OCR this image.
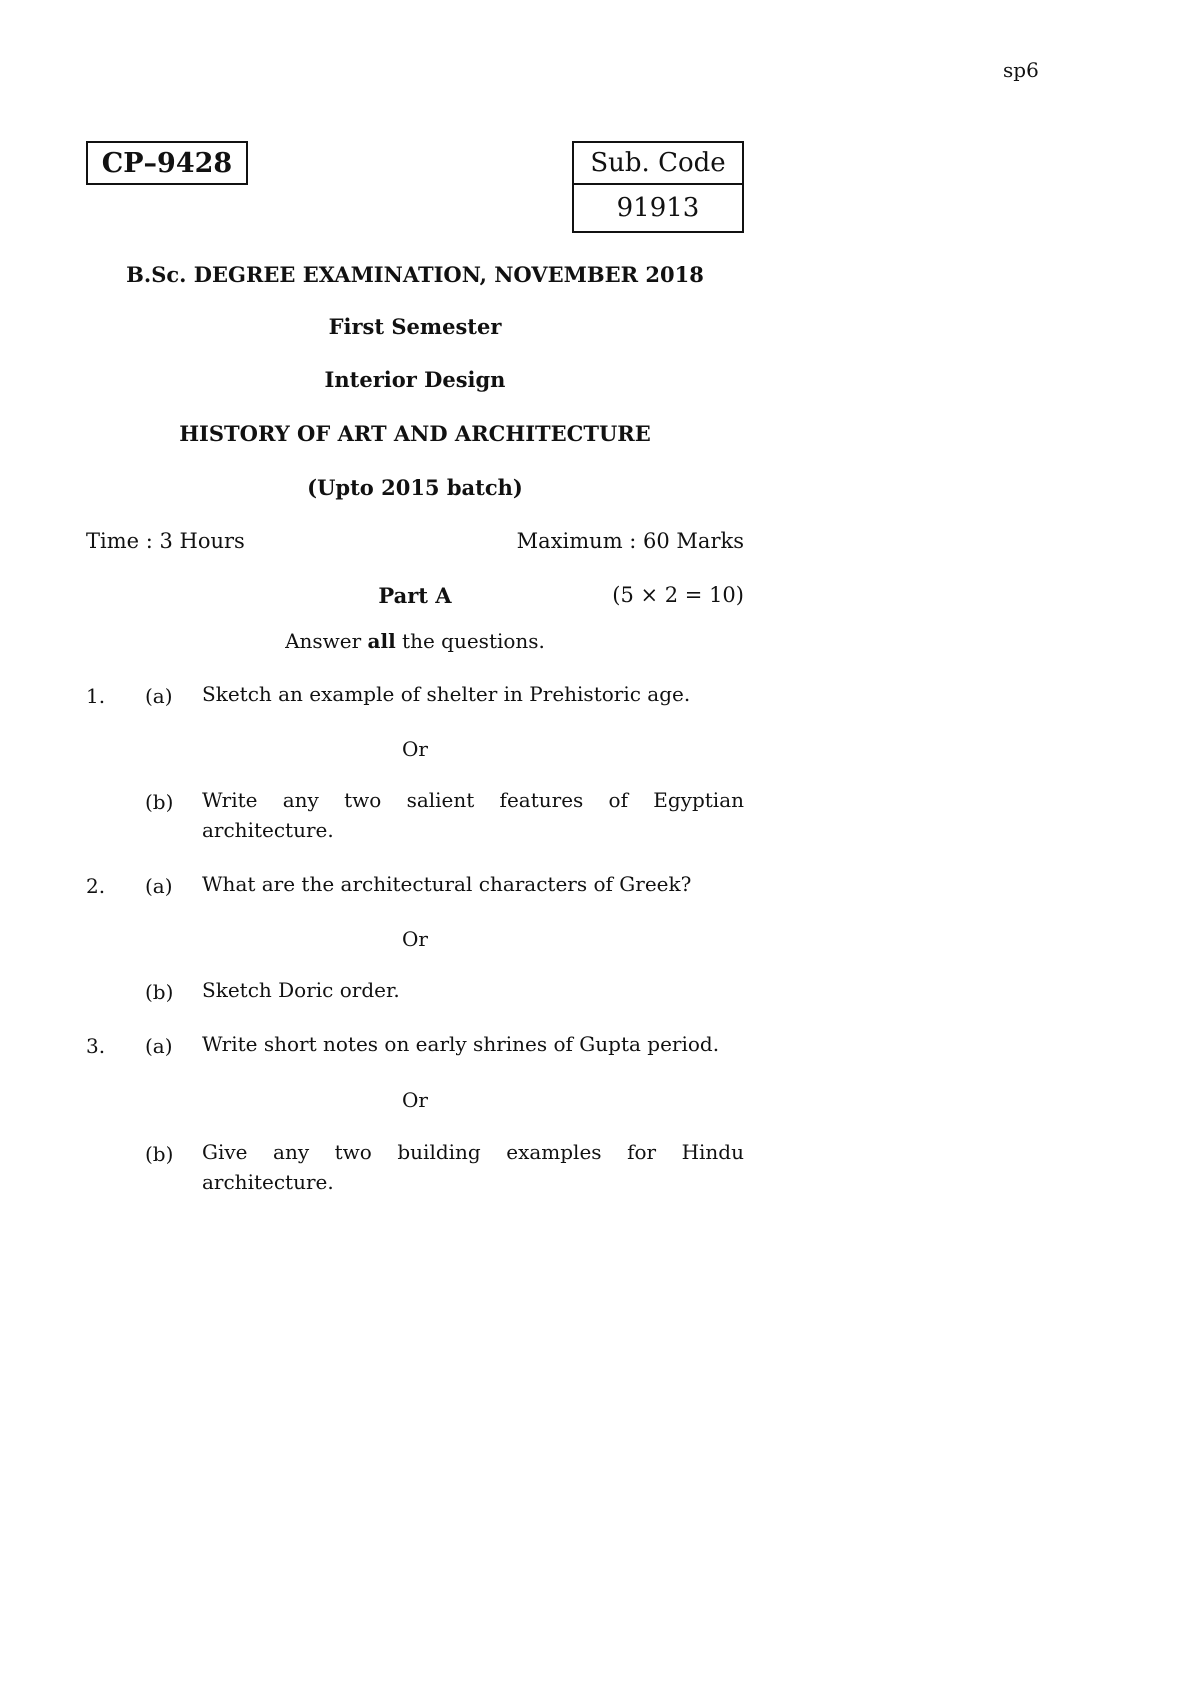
sp6
CP–9428	Sub. Code
91913
B.Sc. DEGREE EXAMINATION, NOVEMBER 2018
First Semester
Interior Design
HISTORY OF ART AND ARCHITECTURE
(Upto 2015 batch)
Time : 3 Hours	Maximum : 60 Marks
Part A	(5 × 2 = 10)
Answer all the questions.
1. (a) Sketch an example of shelter in Prehistoric age.
Or
(b) Write any two salient features of Egyptian architecture.
2. (a) What are the architectural characters of Greek?
Or
(b) Sketch Doric order.
3. (a) Write short notes on early shrines of Gupta period.
Or
(b) Give any two building examples for Hindu architecture.
